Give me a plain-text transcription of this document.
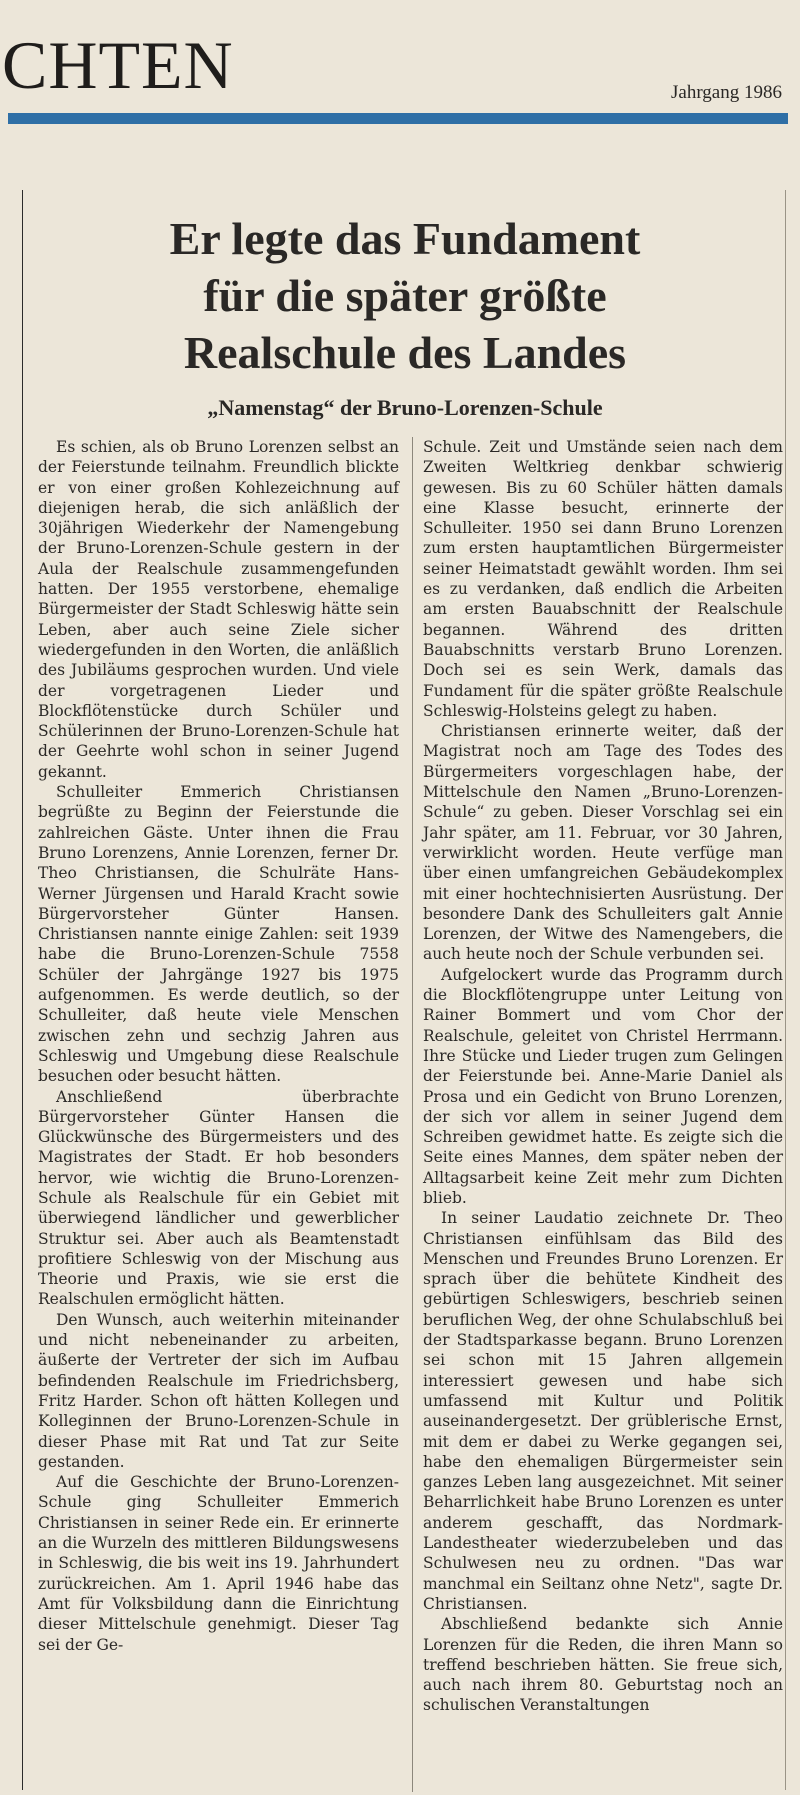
CHTEN	Jahrgang 1986
Er legte das Fundament
für die später größte
Realschule des Landes
„Namenstag“ der Bruno-Lorenzen-Schule

Es schien, als ob Bruno Lorenzen selbst an der Feierstunde teilnahm. Freundlich blickte er von einer großen Kohlezeichnung auf diejenigen herab, die sich anläßlich der 30jährigen Wiederkehr der Namengebung der Bruno-Lorenzen-Schule gestern in der Aula der Realschule zusammengefunden hatten. Der 1955 verstorbene, ehemalige Bürgermeister der Stadt Schleswig hätte sein Leben, aber auch seine Ziele sicher wiedergefunden in den Worten, die anläßlich des Jubiläums gesprochen wurden. Und viele der vorgetragenen Lieder und Blockflötenstücke durch Schüler und Schülerinnen der Bruno-Lorenzen-Schule hat der Geehrte wohl schon in seiner Jugend gekannt.

Schulleiter Emmerich Christiansen begrüßte zu Beginn der Feierstunde die zahlreichen Gäste. Unter ihnen die Frau Bruno Lorenzens, Annie Lorenzen, ferner Dr. Theo Christiansen, die Schulräte Hans-Werner Jürgensen und Harald Kracht sowie Bürgervorsteher Günter Hansen. Christiansen nannte einige Zahlen: seit 1939 habe die Bruno-Lorenzen-Schule 7558 Schüler der Jahrgänge 1927 bis 1975 aufgenommen. Es werde deutlich, so der Schulleiter, daß heute viele Menschen zwischen zehn und sechzig Jahren aus Schleswig und Umgebung diese Realschule besuchen oder besucht hätten.

Anschließend überbrachte Bürgervorsteher Günter Hansen die Glückwünsche des Bürgermeisters und des Magistrates der Stadt. Er hob besonders hervor, wie wichtig die Bruno-Lorenzen-Schule als Realschule für ein Gebiet mit überwiegend ländlicher und gewerblicher Struktur sei. Aber auch als Beamtenstadt profitiere Schleswig von der Mischung aus Theorie und Praxis, wie sie erst die Realschulen ermöglicht hätten.

Den Wunsch, auch weiterhin miteinander und nicht nebeneinander zu arbeiten, äußerte der Vertreter der sich im Aufbau befindenden Realschule im Friedrichsberg, Fritz Harder. Schon oft hätten Kollegen und Kolleginnen der Bruno-Lorenzen-Schule in dieser Phase mit Rat und Tat zur Seite gestanden.

Auf die Geschichte der Bruno-Lorenzen-Schule ging Schulleiter Emmerich Christiansen in seiner Rede ein. Er erinnerte an die Wurzeln des mittleren Bildungswesens in Schleswig, die bis weit ins 19. Jahrhundert zurückreichen. Am 1. April 1946 habe das Amt für Volksbildung dann die Einrichtung dieser Mittelschule genehmigt. Dieser Tag sei der Ge-

Schule. Zeit und Umstände seien nach dem Zweiten Weltkrieg denkbar schwierig gewesen. Bis zu 60 Schüler hätten damals eine Klasse besucht, erinnerte der Schulleiter. 1950 sei dann Bruno Lorenzen zum ersten hauptamtlichen Bürgermeister seiner Heimatstadt gewählt worden. Ihm sei es zu verdanken, daß endlich die Arbeiten am ersten Bauabschnitt der Realschule begannen. Während des dritten Bauabschnitts verstarb Bruno Lorenzen. Doch sei es sein Werk, damals das Fundament für die später größte Realschule Schleswig-Holsteins gelegt zu haben.

Christiansen erinnerte weiter, daß der Magistrat noch am Tage des Todes des Bürgermeiters vorgeschlagen habe, der Mittelschule den Namen „Bruno-Lorenzen-Schule“ zu geben. Dieser Vorschlag sei ein Jahr später, am 11. Februar, vor 30 Jahren, verwirklicht worden. Heute verfüge man über einen umfangreichen Gebäudekomplex mit einer hochtechnisierten Ausrüstung. Der besondere Dank des Schulleiters galt Annie Lorenzen, der Witwe des Namengebers, die auch heute noch der Schule verbunden sei.

Aufgelockert wurde das Programm durch die Blockflötengruppe unter Leitung von Rainer Bommert und vom Chor der Realschule, geleitet von Christel Herrmann. Ihre Stücke und Lieder trugen zum Gelingen der Feierstunde bei. Anne-Marie Daniel als Prosa und ein Gedicht von Bruno Lorenzen, der sich vor allem in seiner Jugend dem Schreiben gewidmet hatte. Es zeigte sich die Seite eines Mannes, dem später neben der Alltagsarbeit keine Zeit mehr zum Dichten blieb.

In seiner Laudatio zeichnete Dr. Theo Christiansen einfühlsam das Bild des Menschen und Freundes Bruno Lorenzen. Er sprach über die behütete Kindheit des gebürtigen Schleswigers, beschrieb seinen beruflichen Weg, der ohne Schulabschluß bei der Stadtsparkasse begann. Bruno Lorenzen sei schon mit 15 Jahren allgemein interessiert gewesen und habe sich umfassend mit Kultur und Politik auseinandergesetzt. Der grüblerische Ernst, mit dem er dabei zu Werke gegangen sei, habe den ehemaligen Bürgermeister sein ganzes Leben lang ausgezeichnet. Mit seiner Beharrlichkeit habe Bruno Lorenzen es unter anderem geschafft, das Nordmark-Landestheater wiederzubeleben und das Schulwesen neu zu ordnen. "Das war manchmal ein Seiltanz ohne Netz", sagte Dr. Christiansen.

Abschließend bedankte sich Annie Lorenzen für die Reden, die ihren Mann so treffend beschrieben hätten. Sie freue sich, auch nach ihrem 80. Geburtstag noch an schulischen Veranstaltungen
